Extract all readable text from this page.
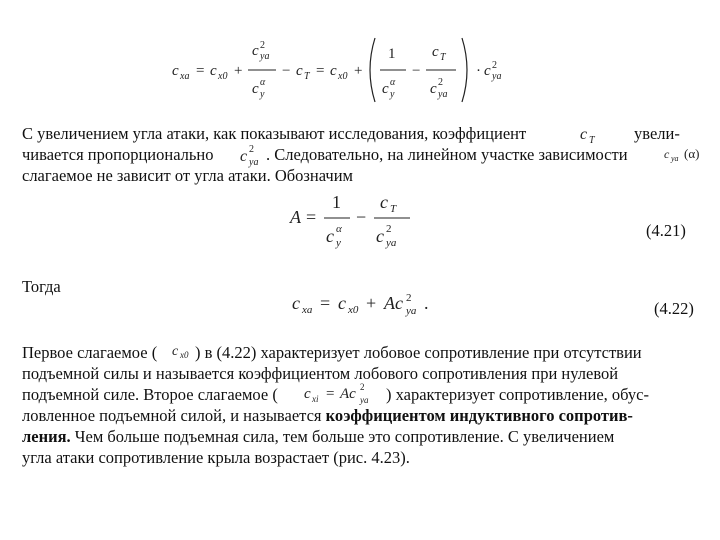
c xa = c x0 +
c 2
ya
c α
y
− c T = c x0 +
1
c α
y
−
c T
c 2
ya
· c 2
ya
С увеличением угла атаки, как показывают исследования, коэффициент	c T увели-
чивается пропорционально c 2
ya . Следовательно, на линейном участке зависимости	c ya (α)
слагаемое не зависит от угла атаки. Обозначим
A =
1
c α
y
−
c T
c 2
ya
(4.21)
Тогда
c xa = c x0 + Ac 2
ya .	(4.22)
Первое слагаемое ( c x0 ) в (4.22) характеризует лобовое сопротивление при отсутствии
подъемной силы и называется коэффициентом лобового сопротивления при нулевой
подъемной силе. Второе слагаемое ( c xi = Ac 2
ya ) характеризует сопротивление, обус-
ловленное подъемной силой, и называется коэффициентом индуктивного сопротив-
ления. Чем больше подъемная сила, тем больше это сопротивление. С увеличением
угла атаки сопротивление крыла возрастает (рис. 4.23).
